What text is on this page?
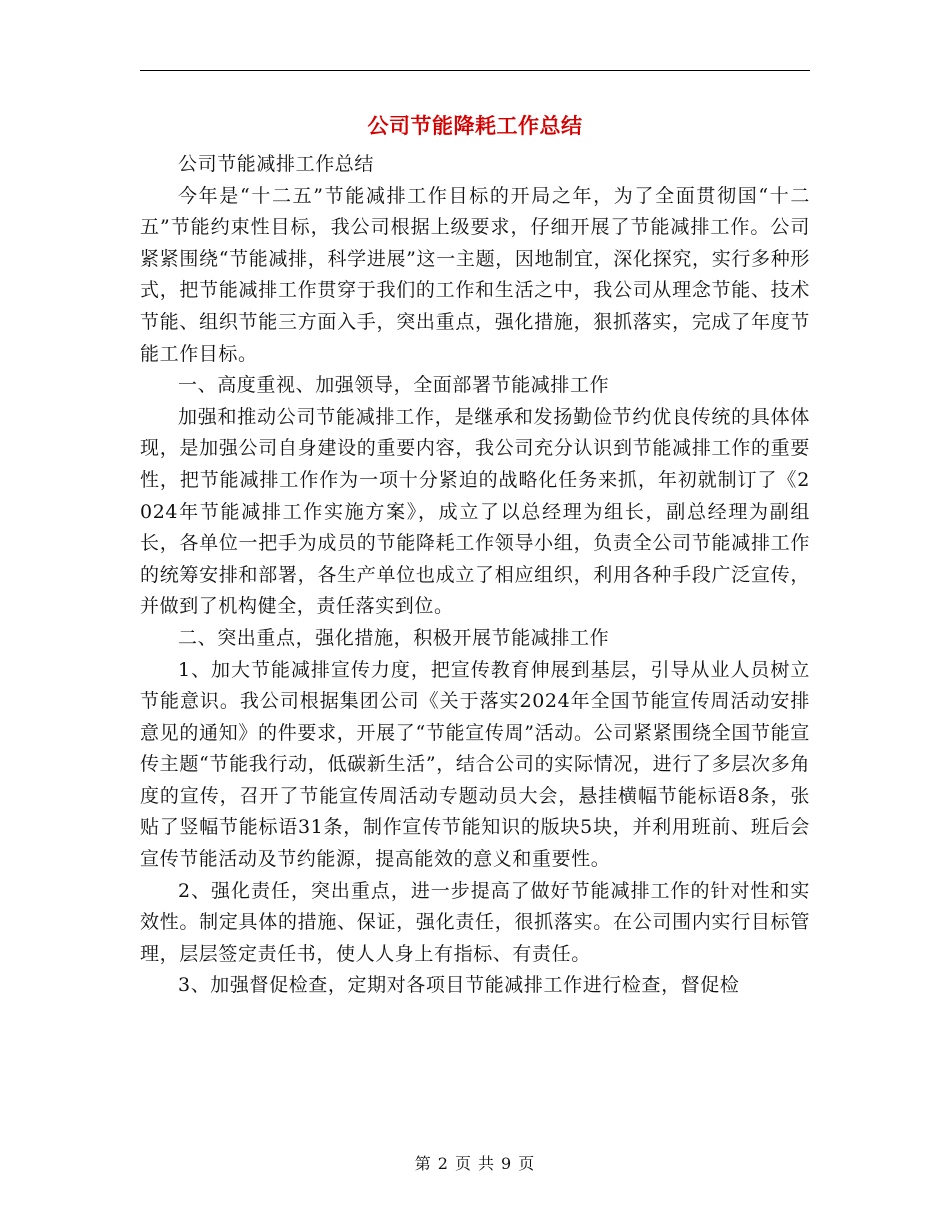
公司节能降耗工作总结

公司节能减排工作总结

今年是“十二五”节能减排工作目标的开局之年，为了全面贯彻国“十二五”节能约束性目标，我公司根据上级要求，仔细开展了节能减排工作。公司紧紧围绕“节能减排，科学进展”这一主题，因地制宜，深化探究，实行多种形式，把节能减排工作贯穿于我们的工作和生活之中，我公司从理念节能、技术节能、组织节能三方面入手，突出重点，强化措施，狠抓落实，完成了年度节能工作目标。

一、高度重视、加强领导，全面部署节能减排工作

加强和推动公司节能减排工作，是继承和发扬勤俭节约优良传统的具体体现，是加强公司自身建设的重要内容，我公司充分认识到节能减排工作的重要性，把节能减排工作作为一项十分紧迫的战略化任务来抓，年初就制订了《2024年节能减排工作实施方案》，成立了以总经理为组长，副总经理为副组长，各单位一把手为成员的节能降耗工作领导小组，负责全公司节能减排工作的统筹安排和部署，各生产单位也成立了相应组织，利用各种手段广泛宣传，并做到了机构健全，责任落实到位。

二、突出重点，强化措施，积极开展节能减排工作

1、加大节能减排宣传力度，把宣传教育伸展到基层，引导从业人员树立节能意识。我公司根据集团公司《关于落实2024年全国节能宣传周活动安排意见的通知》的件要求，开展了“节能宣传周”活动。公司紧紧围绕全国节能宣传主题“节能我行动，低碳新生活”，结合公司的实际情况，进行了多层次多角度的宣传，召开了节能宣传周活动专题动员大会，悬挂横幅节能标语8条，张贴了竖幅节能标语31条，制作宣传节能知识的版块5块，并利用班前、班后会宣传节能活动及节约能源，提高能效的意义和重要性。

2、强化责任，突出重点，进一步提高了做好节能减排工作的针对性和实效性。制定具体的措施、保证，强化责任，很抓落实。在公司围内实行目标管理，层层签定责任书，使人人身上有指标、有责任。

3、加强督促检查，定期对各项目节能减排工作进行检查，督促检

第 2 页 共 9 页
